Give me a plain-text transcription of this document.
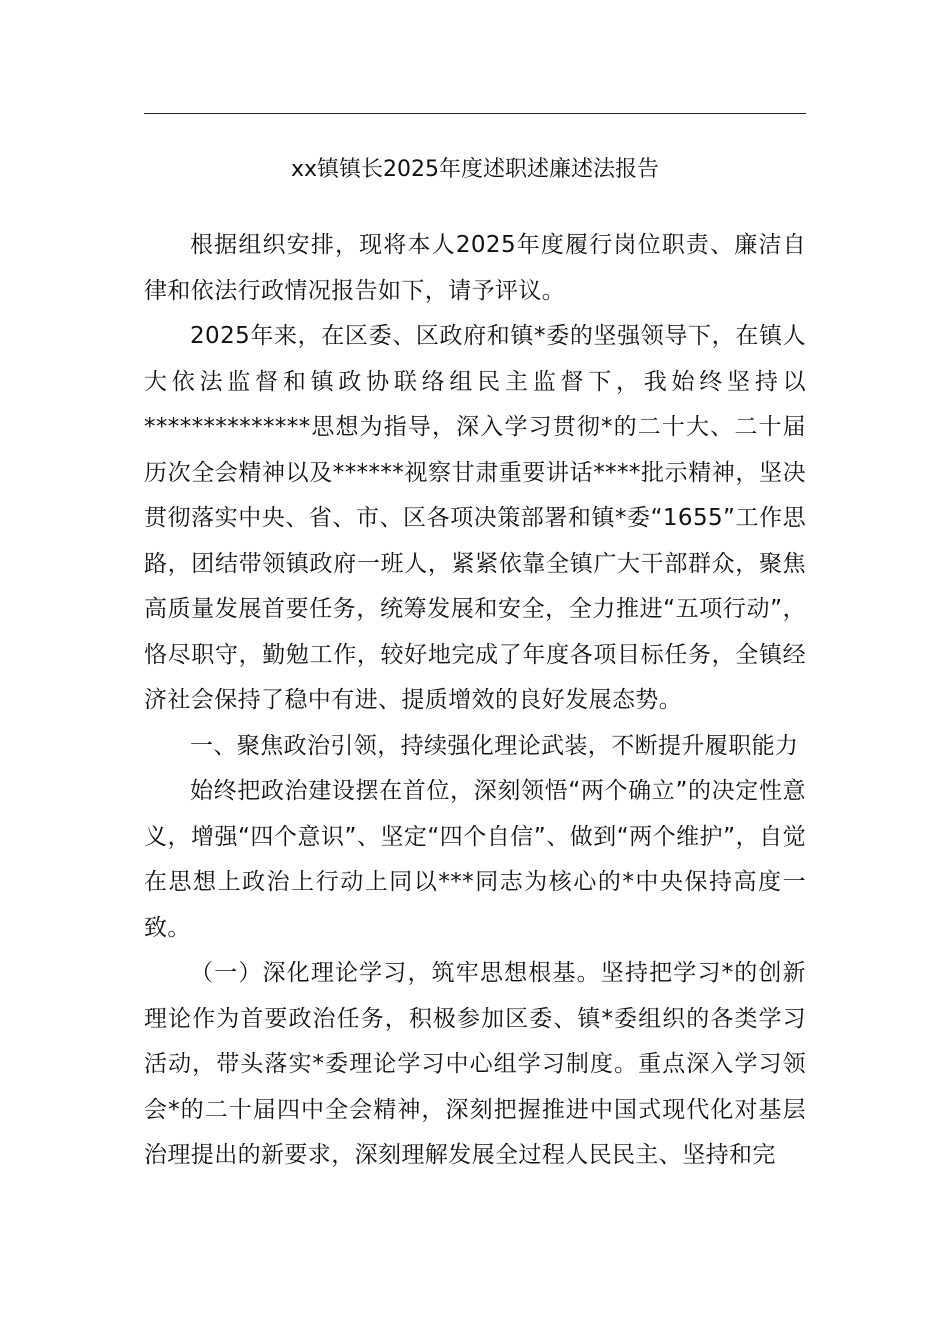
xx镇镇长2025年度述职述廉述法报告

根据组织安排，现将本人2025年度履行岗位职责、廉洁自律和依法行政情况报告如下，请予评议。

2025年来，在区委、区政府和镇*委的坚强领导下，在镇人大依法监督和镇政协联络组民主监督下，我始终坚持以**************思想为指导，深入学习贯彻*的二十大、二十届历次全会精神以及******视察甘肃重要讲话****批示精神，坚决贯彻落实中央、省、市、区各项决策部署和镇*委“1655”工作思路，团结带领镇政府一班人，紧紧依靠全镇广大干部群众，聚焦高质量发展首要任务，统筹发展和安全，全力推进“五项行动”，恪尽职守，勤勉工作，较好地完成了年度各项目标任务，全镇经济社会保持了稳中有进、提质增效的良好发展态势。

一、聚焦政治引领，持续强化理论武装，不断提升履职能力

始终把政治建设摆在首位，深刻领悟“两个确立”的决定性意义，增强“四个意识”、坚定“四个自信”、做到“两个维护”，自觉在思想上政治上行动上同以***同志为核心的*中央保持高度一致。

（一）深化理论学习，筑牢思想根基。坚持把学习*的创新理论作为首要政治任务，积极参加区委、镇*委组织的各类学习活动，带头落实*委理论学习中心组学习制度。重点深入学习领会*的二十届四中全会精神，深刻把握推进中国式现代化对基层治理提出的新要求，深刻理解发展全过程人民民主、坚持和完
